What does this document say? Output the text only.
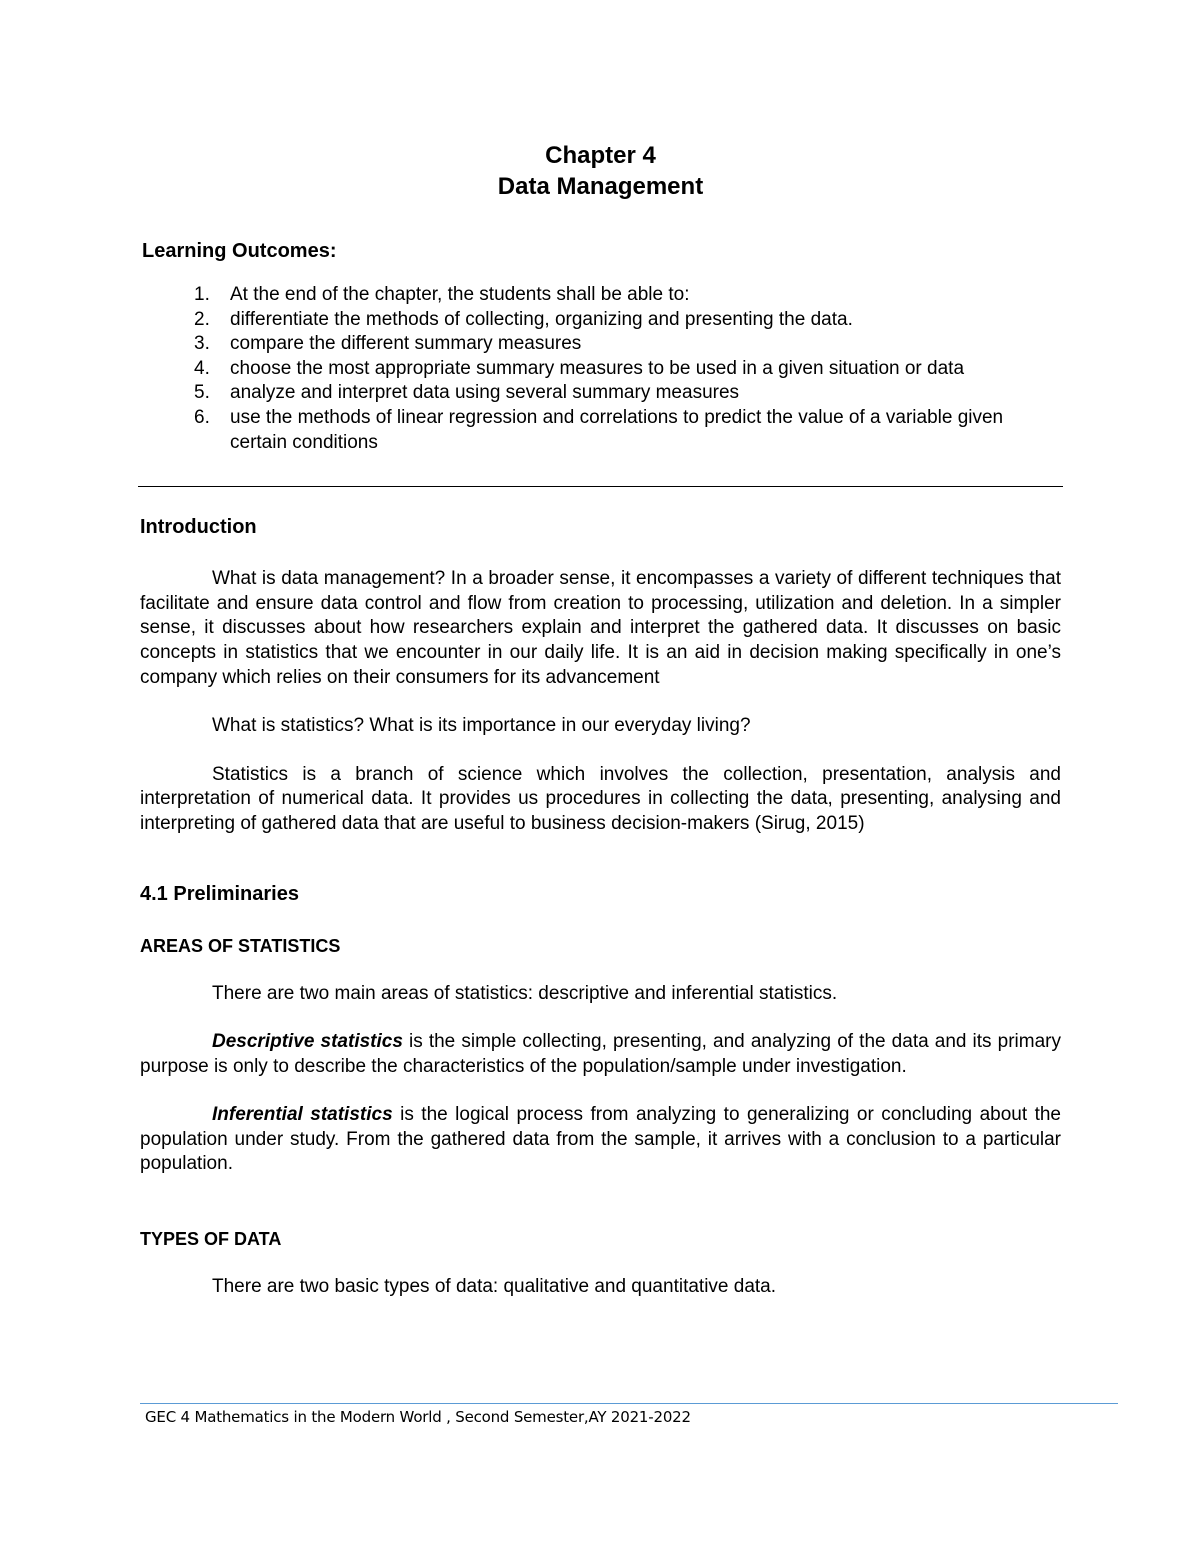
Chapter 4

Data Management

Learning Outcomes:
1. At the end of the chapter, the students shall be able to:
2. differentiate the methods of collecting, organizing and presenting the data.
3. compare the different summary measures
4. choose the most appropriate summary measures to be used in a given situation or data
5. analyze and interpret data using several summary measures
6. use the methods of linear regression and correlations to predict the value of a variable given certain conditions
Introduction

What is data management? In a broader sense, it encompasses a variety of different techniques that facilitate and ensure data control and flow from creation to processing, utilization and deletion. In a simpler sense, it discusses about how researchers explain and interpret the gathered data. It discusses on basic concepts in statistics that we encounter in our daily life. It is an aid in decision making specifically in one’s company which relies on their consumers for its advancement

What is statistics? What is its importance in our everyday living?

Statistics is a branch of science which involves the collection, presentation, analysis and interpretation of numerical data. It provides us procedures in collecting the data, presenting, analysing and interpreting of gathered data that are useful to business decision-makers (Sirug, 2015)

4.1 Preliminaries
AREAS OF STATISTICS

There are two main areas of statistics: descriptive and inferential statistics.

Descriptive statistics is the simple collecting, presenting, and analyzing of the data and its primary purpose is only to describe the characteristics of the population/sample under investigation.

Inferential statistics is the logical process from analyzing to generalizing or concluding about the population under study. From the gathered data from the sample, it arrives with a conclusion to a particular population.

TYPES OF DATA

There are two basic types of data: qualitative and quantitative data.

GEC 4 Mathematics in the Modern World , Second Semester,AY 2021-2022
